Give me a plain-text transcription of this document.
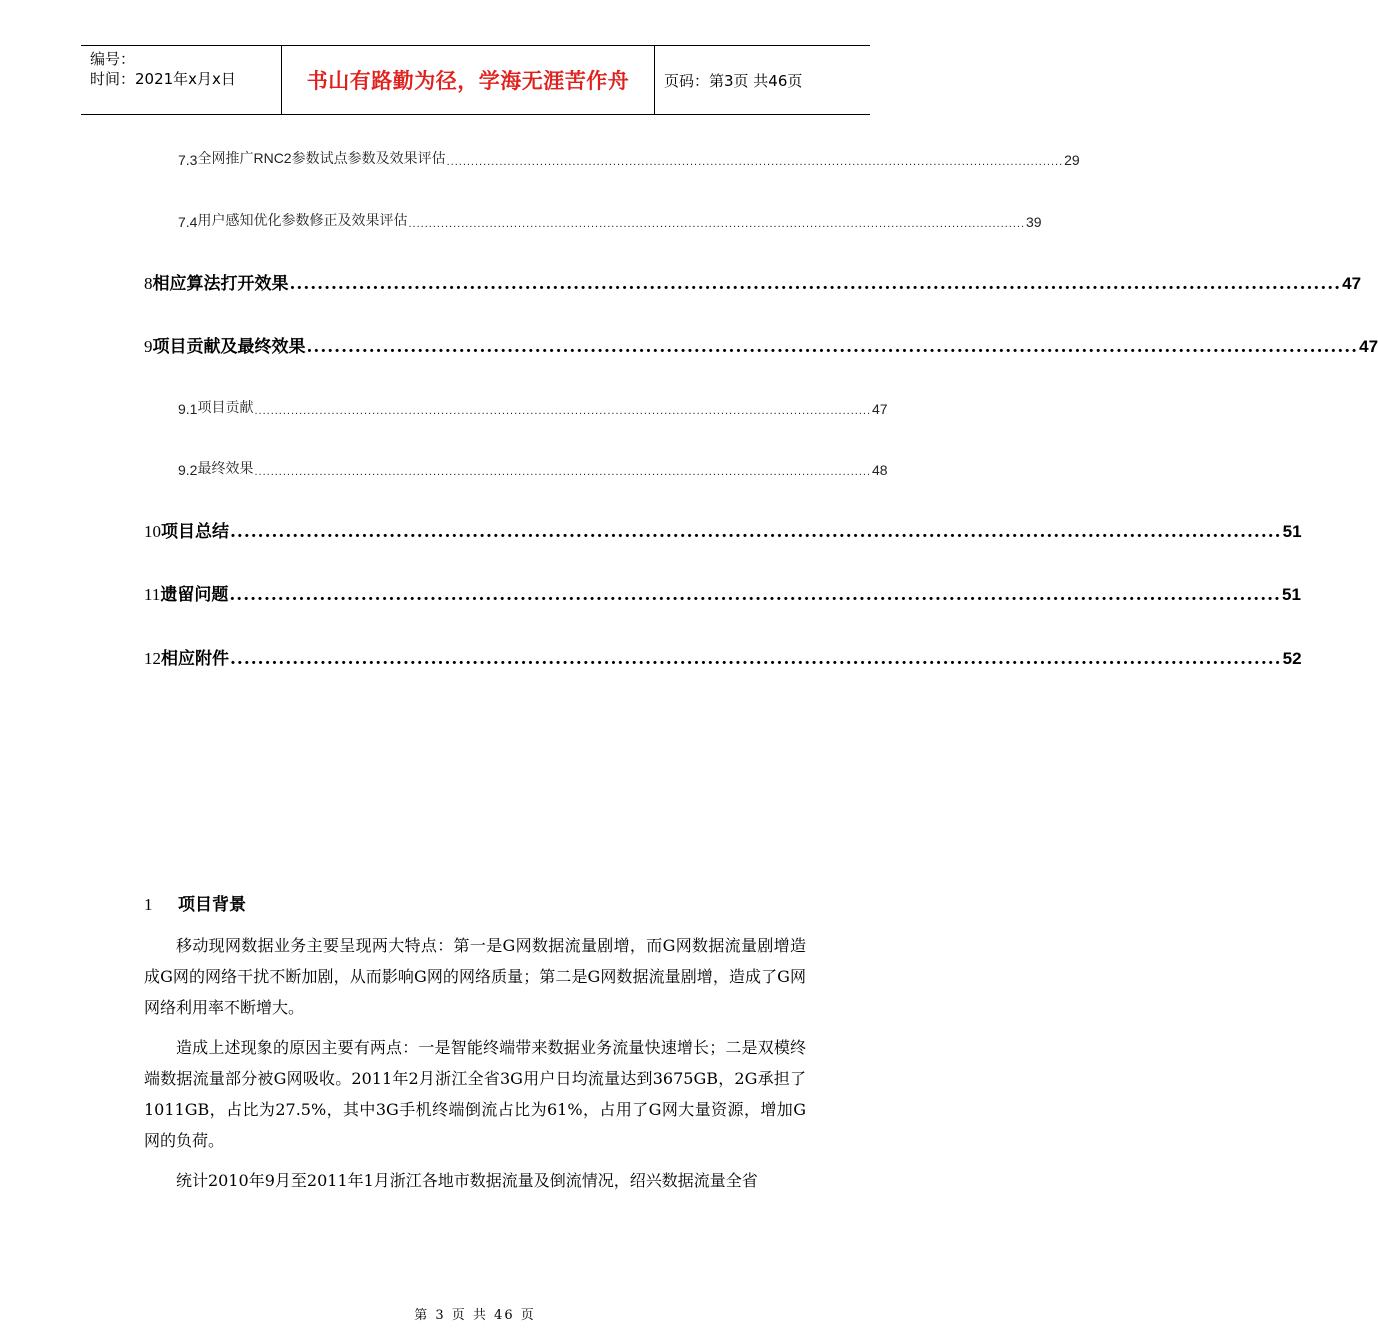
编号：
时间：2021年x月x日	书山有路勤为径，学海无涯苦作舟	页码：第3页 共46页
7.3 全网推广RNC2参数试点参数及效果评估 ........................................................................................................................................................ 29
7.4 用户感知优化参数修正及效果评估 ........................................................................................................................................................ 39
8 相应算法打开效果 ........................................................................................................................................................ 47
9 项目贡献及最终效果 ........................................................................................................................................................ 47
9.1 项目贡献 ........................................................................................................................................................ 47
9.2 最终效果 ........................................................................................................................................................ 48
10 项目总结 ........................................................................................................................................................ 51
11 遗留问题 ........................................................................................................................................................ 51
12 相应附件 ........................................................................................................................................................ 52
1 项目背景

移动现网数据业务主要呈现两大特点：第一是G网数据流量剧增，而G网数据流量剧增造成G网的网络干扰不断加剧，从而影响G网的网络质量；第二是G网数据流量剧增，造成了G网网络利用率不断增大。

造成上述现象的原因主要有两点：一是智能终端带来数据业务流量快速增长；二是双模终端数据流量部分被G网吸收。2011年2月浙江全省3G用户日均流量达到3675GB，2G承担了1011GB，占比为27.5%，其中3G手机终端倒流占比为61%，占用了G网大量资源，增加G网的负荷。

统计2010年9月至2011年1月浙江各地市数据流量及倒流情况，绍兴数据流量全省

第 3 页 共 46 页
